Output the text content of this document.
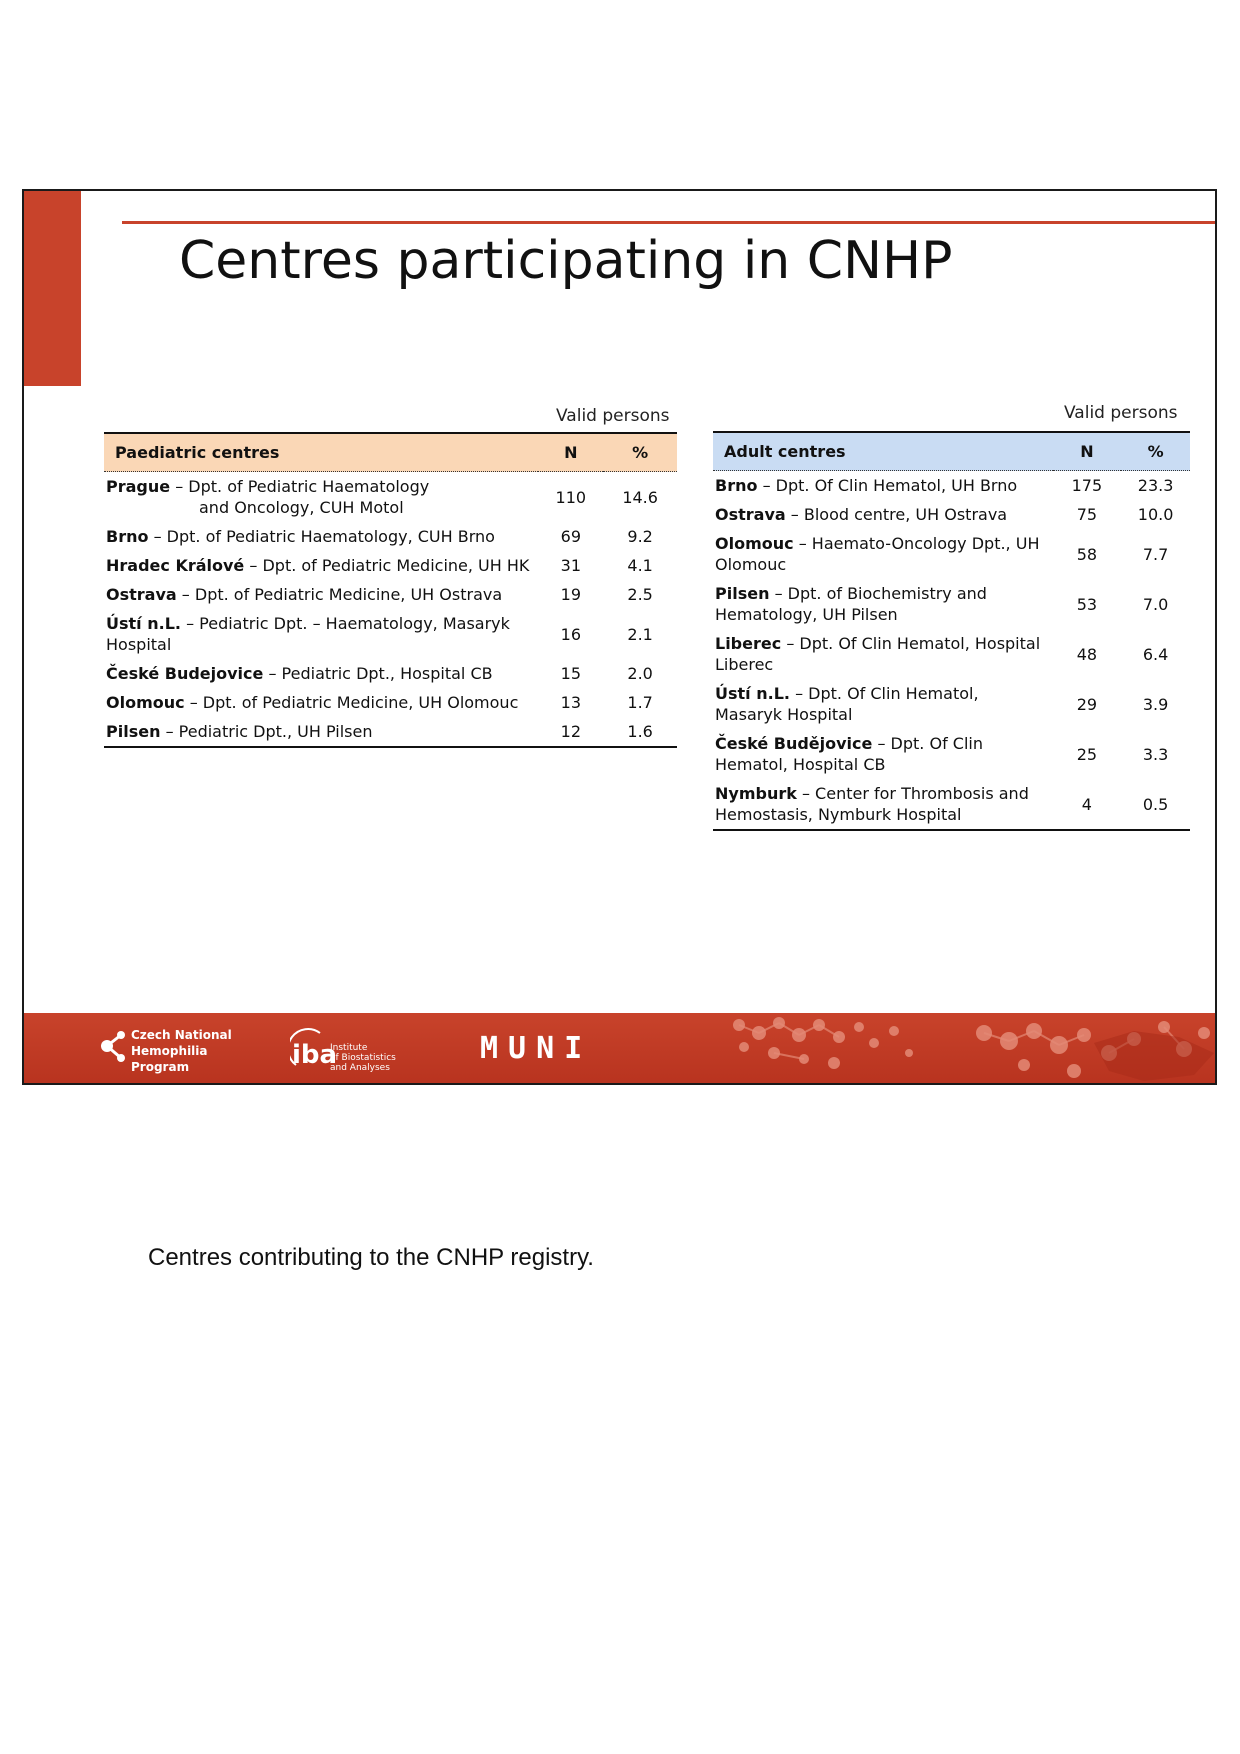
Centres participating in CNHP
Valid persons	Valid persons
Paediatric centres	N	%
Prague – Dpt. of Pediatric Haematology
and Oncology, CUH Motol	110	14.6
Brno – Dpt. of Pediatric Haematology, CUH Brno	69	9.2
Hradec Králové – Dpt. of Pediatric Medicine, UH HK	31	4.1
Ostrava – Dpt. of Pediatric Medicine, UH Ostrava	19	2.5
Ústí n.L. – Pediatric Dpt. – Haematology, Masaryk Hospital	16	2.1
České Budejovice – Pediatric Dpt., Hospital CB	15	2.0
Olomouc – Dpt. of Pediatric Medicine, UH Olomouc	13	1.7
Pilsen – Pediatric Dpt., UH Pilsen	12	1.6
Adult centres	N	%
Brno – Dpt. Of Clin Hematol, UH Brno	175	23.3
Ostrava – Blood centre, UH Ostrava	75	10.0
Olomouc – Haemato-Oncology Dpt., UH Olomouc	58	7.7
Pilsen – Dpt. of Biochemistry and Hematology, UH Pilsen	53	7.0
Liberec – Dpt. Of Clin Hematol, Hospital Liberec	48	6.4
Ústí n.L. – Dpt. Of Clin Hematol, Masaryk Hospital	29	3.9
České Budějovice – Dpt. Of Clin Hematol, Hospital CB	25	3.3
Nymburk – Center for Thrombosis and Hemostasis, Nymburk Hospital	4	0.5
Czech National
Hemophilia
Program	iba
Institute
of Biostatistics
and Analyses
MUNI
Centres contributing to the CNHP registry.
